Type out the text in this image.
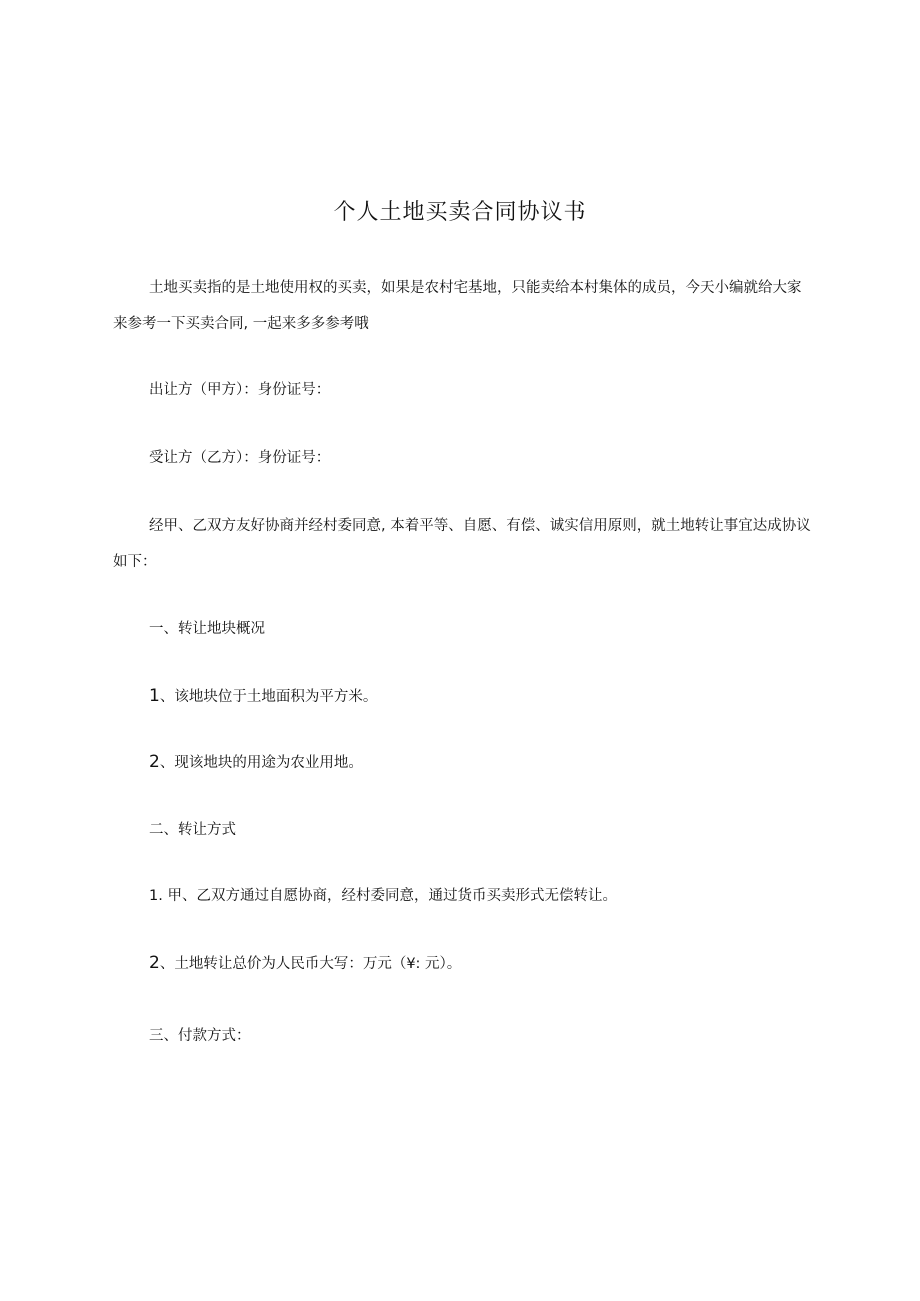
个人土地买卖合同协议书

土地买卖指的是土地使用权的买卖，如果是农村宅基地，只能卖给本村集体的成员，今天小编就给大家来参考一下买卖合同, 一起来多多参考哦

出让方（甲方）：身份证号：

受让方（乙方）：身份证号：

经甲、乙双方友好协商并经村委同意, 本着平等、自愿、有偿、诚实信用原则，就土地转让事宜达成协议如下：

一、转让地块概况

1、该地块位于土地面积为平方米。

2、现该地块的用途为农业用地。

二、转让方式

1. 甲、乙双方通过自愿协商，经村委同意，通过货币买卖形式无偿转让。

2、土地转让总价为人民币大写：万元（¥: 元）。

三、付款方式：
